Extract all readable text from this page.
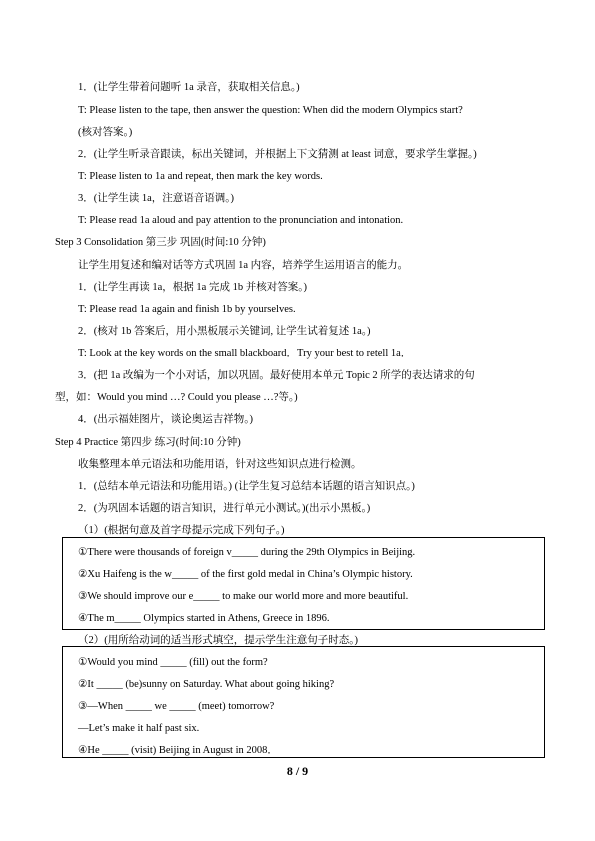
1．(让学生带着问题听 1a 录音，获取相关信息。)
T: Please listen to the tape, then answer the question: When did the modern Olympics start?
(核对答案。)
2．(让学生听录音跟读，标出关键词，并根据上下文猜测 at least 词意，要求学生掌握。)
T: Please listen to 1a and repeat, then mark the key words.
3．(让学生读 1a，注意语音语调。)
T: Please read 1a aloud and pay attention to the pronunciation and intonation.
Step 3 Consolidation 第三步 巩固(时间:10 分钟)
让学生用复述和编对话等方式巩固 1a 内容，培养学生运用语言的能力。
1．(让学生再读 1a，根据 1a 完成 1b 并核对答案。)
T: Please read 1a again and finish 1b by yourselves.
2．(核对 1b 答案后，用小黑板展示关键词, 让学生试着复述 1a。)
T: Look at the key words on the small blackboard．Try your best to retell 1a．
3．(把 1a 改编为一个小对话，加以巩固。最好使用本单元 Topic 2 所学的表达请求的句
型，如：Would you mind …? Could you please …?等。)
4．(出示福娃图片，谈论奥运吉祥物。)
Step 4 Practice 第四步 练习(时间:10 分钟)
收集整理本单元语法和功能用语，针对这些知识点进行检测。
1．(总结本单元语法和功能用语。) (让学生复习总结本话题的语言知识点。)
2．(为巩固本话题的语言知识，进行单元小测试。)(出示小黑板。)
（1）(根据句意及首字母提示完成下列句子。)
①There were thousands of foreign v_____ during the 29th Olympics in Beijing.
②Xu Haifeng is the w_____ of the first gold medal in China’s Olympic history.
③We should improve our e_____ to make our world more and more beautiful.
④The m_____ Olympics started in Athens, Greece in 1896.
（2）(用所给动词的适当形式填空，提示学生注意句子时态。)
①Would you mind _____ (fill) out the form?
②It _____ (be)sunny on Saturday. What about going hiking?
③—When _____ we _____ (meet) tomorrow?
—Let’s make it half past six.
④He _____ (visit) Beijing in August in 2008．
8 / 9
